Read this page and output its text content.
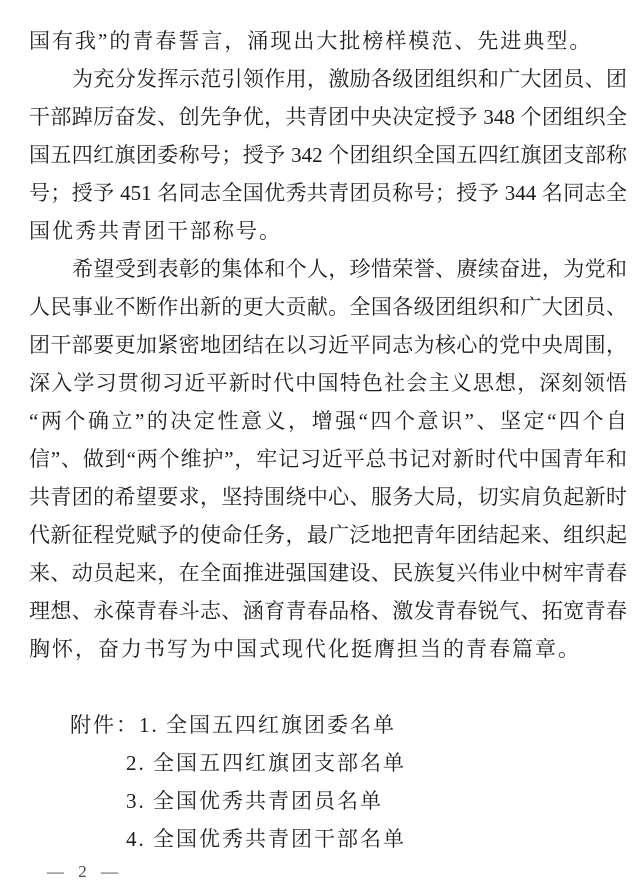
国有我”的青春誓言，涌现出大批榜样模范、先进典型。
为充分发挥示范引领作用，激励各级团组织和广大团员、团
干部踔厉奋发、创先争优，共青团中央决定授予 348 个团组织全
国五四红旗团委称号；授予 342 个团组织全国五四红旗团支部称
号；授予 451 名同志全国优秀共青团员称号；授予 344 名同志全
国优秀共青团干部称号。
希望受到表彰的集体和个人，珍惜荣誉、赓续奋进，为党和
人民事业不断作出新的更大贡献。全国各级团组织和广大团员、
团干部要更加紧密地团结在以习近平同志为核心的党中央周围，
深入学习贯彻习近平新时代中国特色社会主义思想，深刻领悟
“两个确立”的决定性意义，增强“四个意识”、坚定“四个自
信”、做到“两个维护”，牢记习近平总书记对新时代中国青年和
共青团的希望要求，坚持围绕中心、服务大局，切实肩负起新时
代新征程党赋予的使命任务，最广泛地把青年团结起来、组织起
来、动员起来，在全面推进强国建设、民族复兴伟业中树牢青春
理想、永葆青春斗志、涵育青春品格、激发青春锐气、拓宽青春
胸怀，奋力书写为中国式现代化挺膺担当的青春篇章。
附件：1. 全国五四红旗团委名单
2. 全国五四红旗团支部名单
3. 全国优秀共青团员名单
4. 全国优秀共青团干部名单
— 2 —
